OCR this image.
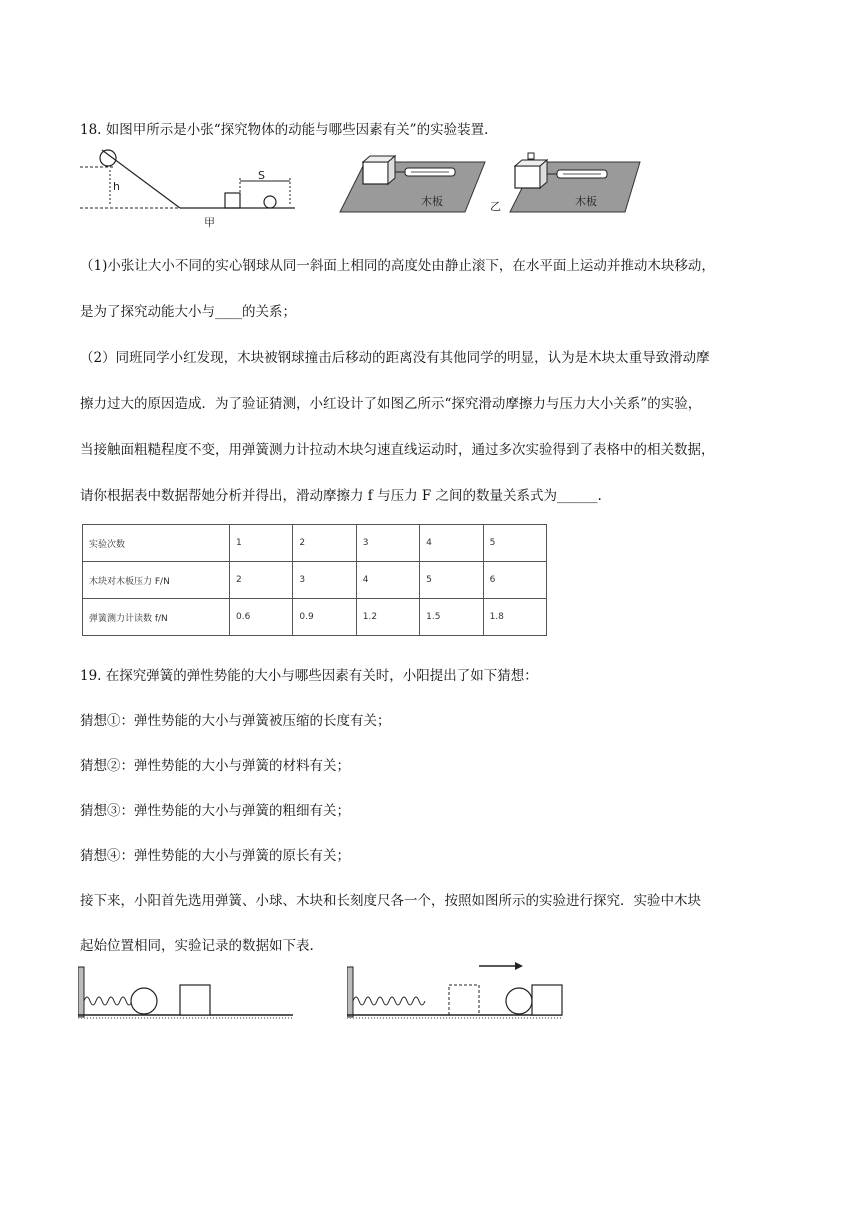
18. 如图甲所示是小张“探究物体的动能与哪些因素有关”的实验装置.
h
S
甲
木板	乙	木板
（1)小张让大小不同的实心钢球从同一斜面上相同的高度处由静止滚下，在水平面上运动并推动木块移动，
是为了探究动能大小与____的关系；
（2）同班同学小红发现，木块被钢球撞击后移动的距离没有其他同学的明显，认为是木块太重导致滑动摩
擦力过大的原因造成．为了验证猜测，小红设计了如图乙所示“探究滑动摩擦力与压力大小关系”的实验，
当接触面粗糙程度不变，用弹簧测力计拉动木块匀速直线运动时，通过多次实验得到了表格中的相关数据，
请你根据表中数据帮她分析并得出，滑动摩擦力 f 与压力 F 之间的数量关系式为______.
实验次数	1	2	3	4	5
木块对木板压力 F/N	2	3	4	5	6
弹簧测力计读数 f/N	0.6	0.9	1.2	1.5	1.8
19. 在探究弹簧的弹性势能的大小与哪些因素有关时，小阳提出了如下猜想：
猜想①：弹性势能的大小与弹簧被压缩的长度有关；
猜想②：弹性势能的大小与弹簧的材料有关；
猜想③：弹性势能的大小与弹簧的粗细有关；
猜想④：弹性势能的大小与弹簧的原长有关；
接下来，小阳首先选用弹簧、小球、木块和长刻度尺各一个，按照如图所示的实验进行探究．实验中木块
起始位置相同，实验记录的数据如下表.
